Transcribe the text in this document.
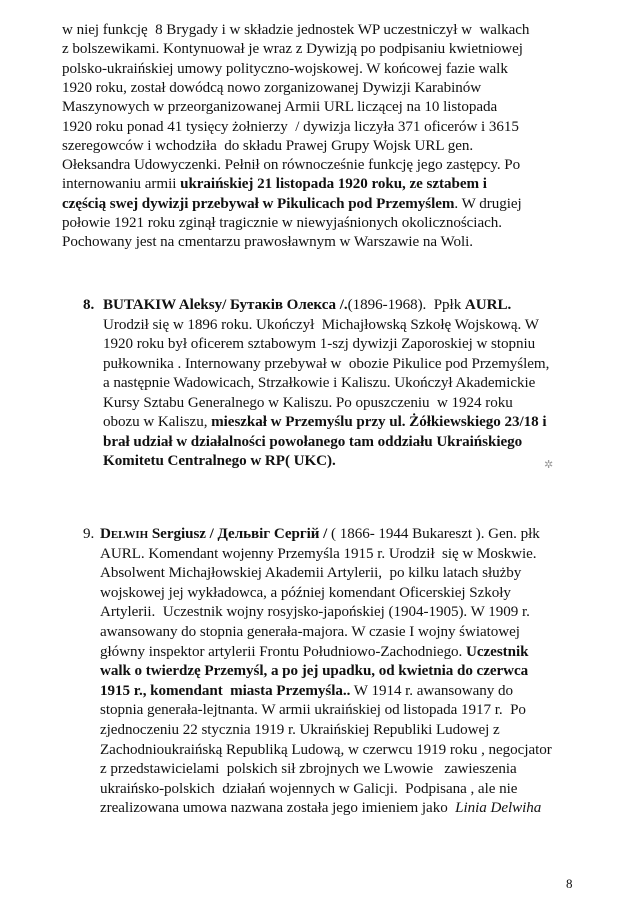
w niej funkcję  8 Brygady i w składzie jednostek WP uczestniczył w  walkach
z bolszewikami. Kontynuował je wraz z Dywizją po podpisaniu kwietniowej
polsko-ukraińskiej umowy polityczno-wojskowej. W końcowej fazie walk
1920 roku, został dowódcą nowo zorganizowanej Dywizji Karabinów
Maszynowych w przeorganizowanej Armii URL liczącej na 10 listopada
1920 roku ponad 41 tysięcy żołnierzy  / dywizja liczyła 371 oficerów i 3615
szeregowców i wchodziła  do składu Prawej Grupy Wojsk URL gen.
Ołeksandra Udowyczenki. Pełnił on równocześnie funkcję jego zastępcy. Po
internowaniu armii ukraińskiej 21 listopada 1920 roku, ze sztabem i
częścią swej dywizji przebywał w Pikulicach pod Przemyślem. W drugiej
połowie 1921 roku zginął tragicznie w niewyjaśnionych okolicznościach.
Pochowany jest na cmentarzu prawosławnym w Warszawie na Woli.
8. BUTAKIW Aleksy/ Бутаків Олекса /.(1896-1968).  Ppłk AURL.
Urodził się w 1896 roku. Ukończył  Michajłowską Szkołę Wojskową. W
1920 roku był oficerem sztabowym 1-szj dywizji Zaporoskiej w stopniu
pułkownika . Internowany przebywał w  obozie Pikulice pod Przemyślem,
a następnie Wadowicach, Strzałkowie i Kaliszu. Ukończył Akademickie
Kursy Sztabu Generalnego w Kaliszu. Po opuszczeniu  w 1924 roku
obozu w Kaliszu, mieszkał w Przemyślu przy ul. Żółkiewskiego 23/18 i
brał udział w działalności powołanego tam oddziału Ukraińskiego
Komitetu Centralnego w RP( UKC).	✲
9. Delwih Sergiusz / Дельвіг Сергій / ( 1866- 1944 Bukareszt ). Gen. płk
AURL. Komendant wojenny Przemyśla 1915 r. Urodził  się w Moskwie.
Absolwent Michajłowskiej Akademii Artylerii,  po kilku latach służby
wojskowej jej wykładowca, a później komendant Oficerskiej Szkoły
Artylerii.  Uczestnik wojny rosyjsko-japońskiej (1904-1905). W 1909 r.
awansowany do stopnia generała-majora. W czasie I wojny światowej
główny inspektor artylerii Frontu Południowo-Zachodniego. Uczestnik
walk o twierdzę Przemyśl, a po jej upadku, od kwietnia do czerwca
1915 r., komendant  miasta Przemyśla.. W 1914 r. awansowany do
stopnia generała-lejtnanta. W armii ukraińskiej od listopada 1917 r.  Po
zjednoczeniu 22 stycznia 1919 r. Ukraińskiej Republiki Ludowej z
Zachodnioukraińską Republiką Ludową, w czerwcu 1919 roku , negocjator
z przedstawicielami  polskich sił zbrojnych we Lwowie   zawieszenia
ukraińsko-polskich  działań wojennych w Galicji.  Podpisana , ale nie
zrealizowana umowa nazwana została jego imieniem jako  Linia Delwiha
8
